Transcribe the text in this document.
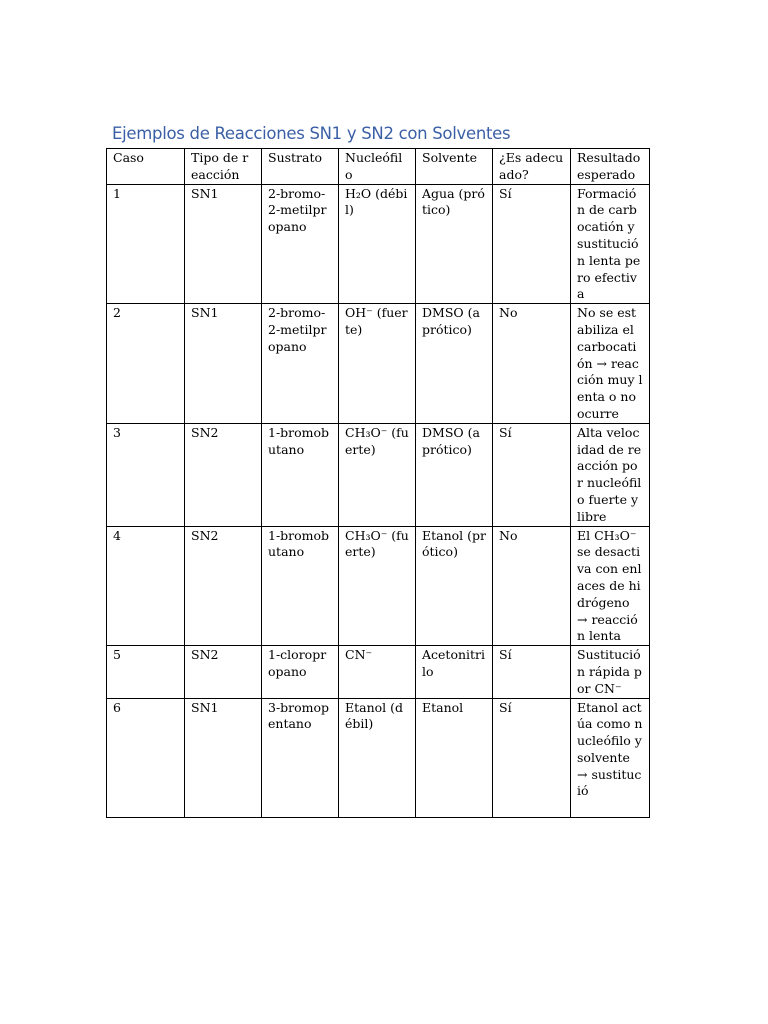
Ejemplos de Reacciones SN1 y SN2 con Solventes
Caso	Tipo de reacción	Sustrato	Nucleófilo	Solvente	¿Es adecuado?	Resultado esperado
1	SN1	2-bromo-2-metilpropano	H₂O (débil)	Agua (prótico)	Sí	Formación de carbocatión y sustitución lenta pero efectiva
2	SN1	2-bromo-2-metilpropano	OH⁻ (fuerte)	DMSO (aprótico)	No	No se estabiliza el carbocatión → reacción muy lenta o no ocurre
3	SN2	1-bromobutano	CH₃O⁻ (fuerte)	DMSO (aprótico)	Sí	Alta velocidad de reacción por nucleófilo fuerte y libre
4	SN2	1-bromobutano	CH₃O⁻ (fuerte)	Etanol (prótico)	No	El CH₃O⁻ se desactiva con enlaces de hidrógeno → reacción lenta
5	SN2	1-cloropropano	CN⁻	Acetonitrilo	Sí	Sustitución rápida por CN⁻
6	SN1	3-bromopentano	Etanol (débil)	Etanol	Sí	Etanol actúa como nucleófilo y solvente → sustitució
